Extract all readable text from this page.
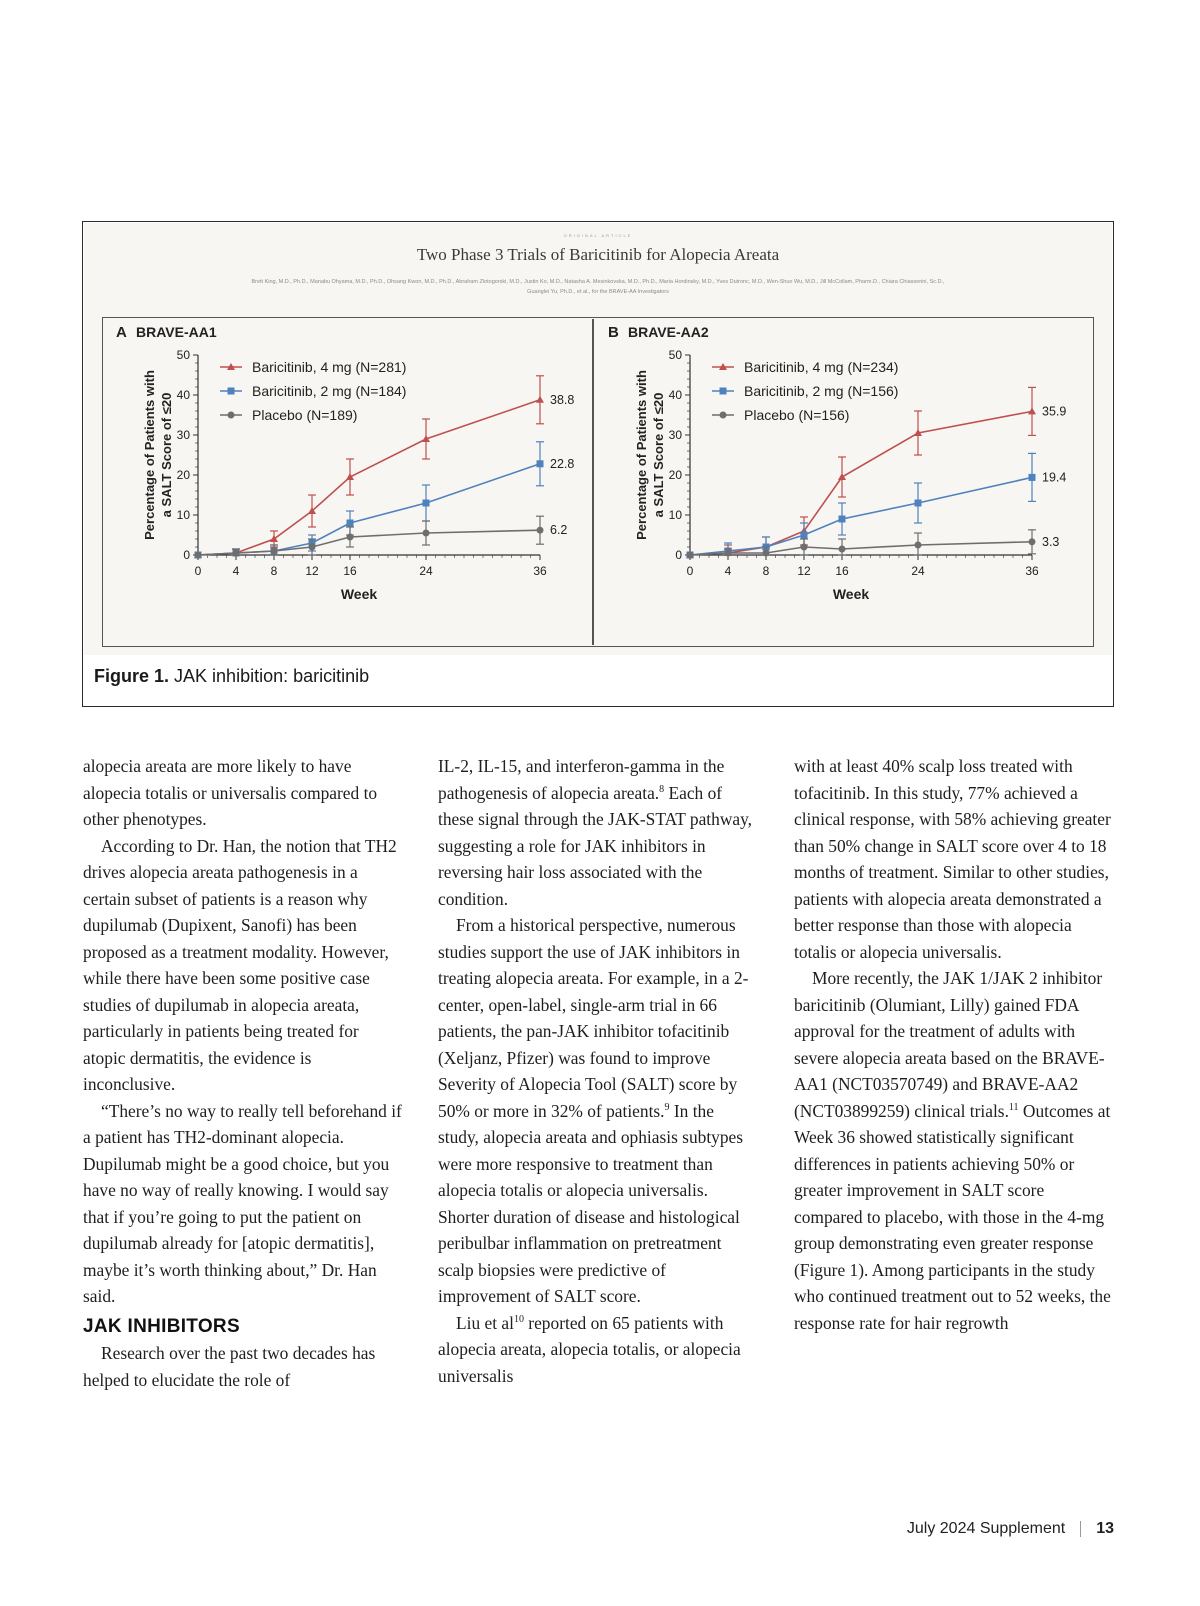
ORIGINAL ARTICLE
Two Phase 3 Trials of Baricitinib for Alopecia Areata
Brett King, M.D., Ph.D., Manabu Ohyama, M.D., Ph.D., Ohsang Kwon, M.D., Ph.D., Abraham Zlotogorski, M.D., Justin Ko, M.D., Natasha A. Mesinkovska, M.D., Ph.D., Maria Hordinsky, M.D., Yves Dutronc, M.D., Wen-Shuo Wu, M.D., Jill McCollam, Pharm.D., Chiara Chiasserini, Sc.D., Guanglei Yu, Ph.D., et al., for the BRAVE-AA Investigators
A BRAVE-AA1
0
10
20
30
40
50
0	4	8 12 16	24	36
Week
Percentage of Patients with a SALT Score of ≤20	38.8
Baricitinib, 4 mg (N=281)
22.8
Baricitinib, 2 mg (N=184)
6.2
Placebo (N=189)
B BRAVE-AA2
0
10
20
30
40
50
0	4	8 12 16	24	36
Week
Percentage of Patients with a SALT Score of ≤20	35.9
Baricitinib, 4 mg (N=234)
19.4
Baricitinib, 2 mg (N=156)
3.3
Placebo (N=156)
Figure 1. JAK inhibition: baricitinib

alopecia areata are more likely to have alopecia totalis or universalis compared to other phenotypes.

According to Dr. Han, the notion that TH2 drives alopecia areata pathogenesis in a certain subset of patients is a reason why dupilumab (Dupixent, Sanofi) has been proposed as a treatment modality. However, while there have been some positive case studies of dupilumab in alopecia areata, particularly in patients being treated for atopic dermatitis, the evidence is inconclusive.

“There’s no way to really tell beforehand if a patient has TH2-dominant alopecia. Dupilumab might be a good choice, but you have no way of really knowing. I would say that if you’re going to put the patient on dupilumab already for [atopic dermatitis], maybe it’s worth thinking about,” Dr. Han said.

JAK INHIBITORS

Research over the past two decades has helped to elucidate the role of

IL-2, IL-15, and interferon-gamma in the pathogenesis of alopecia areata.$^8$ Each of these signal through the JAK-STAT pathway, suggesting a role for JAK inhibitors in reversing hair loss associated with the condition.

From a historical perspective, numerous studies support the use of JAK inhibitors in treating alopecia areata. For example, in a 2-center, open-label, single-arm trial in 66 patients, the pan-JAK inhibitor tofacitinib (Xeljanz, Pfizer) was found to improve Severity of Alopecia Tool (SALT) score by 50% or more in 32% of patients.$^9$ In the study, alopecia areata and ophiasis subtypes were more responsive to treatment than alopecia totalis or alopecia universalis. Shorter duration of disease and histological peribulbar inflammation on pretreatment scalp biopsies were predictive of improvement of SALT score.

Liu et $al^{10}$ reported on 65 patients with alopecia areata, alopecia totalis, or alopecia universalis

with at least 40% scalp loss treated with tofacitinib. In this study, 77% achieved a clinical response, with 58% achieving greater than 50% change in SALT score over 4 to 18 months of treatment. Similar to other studies, patients with alopecia areata demonstrated a better response than those with alopecia totalis or alopecia universalis.

More recently, the JAK 1/JAK 2 inhibitor baricitinib (Olumiant, Lilly) gained FDA approval for the treatment of adults with severe alopecia areata based on the BRAVE-AA1 (NCT03570749) and BRAVE-AA2 (NCT03899259) clinical trials.$^{11}$ Outcomes at Week 36 showed statistically significant differences in patients achieving 50% or greater improvement in SALT score compared to placebo, with those in the 4-mg group demonstrating even greater response (Figure 1). Among participants in the study who continued treatment out to 52 weeks, the response rate for hair regrowth

July 2024 Supplement 13
